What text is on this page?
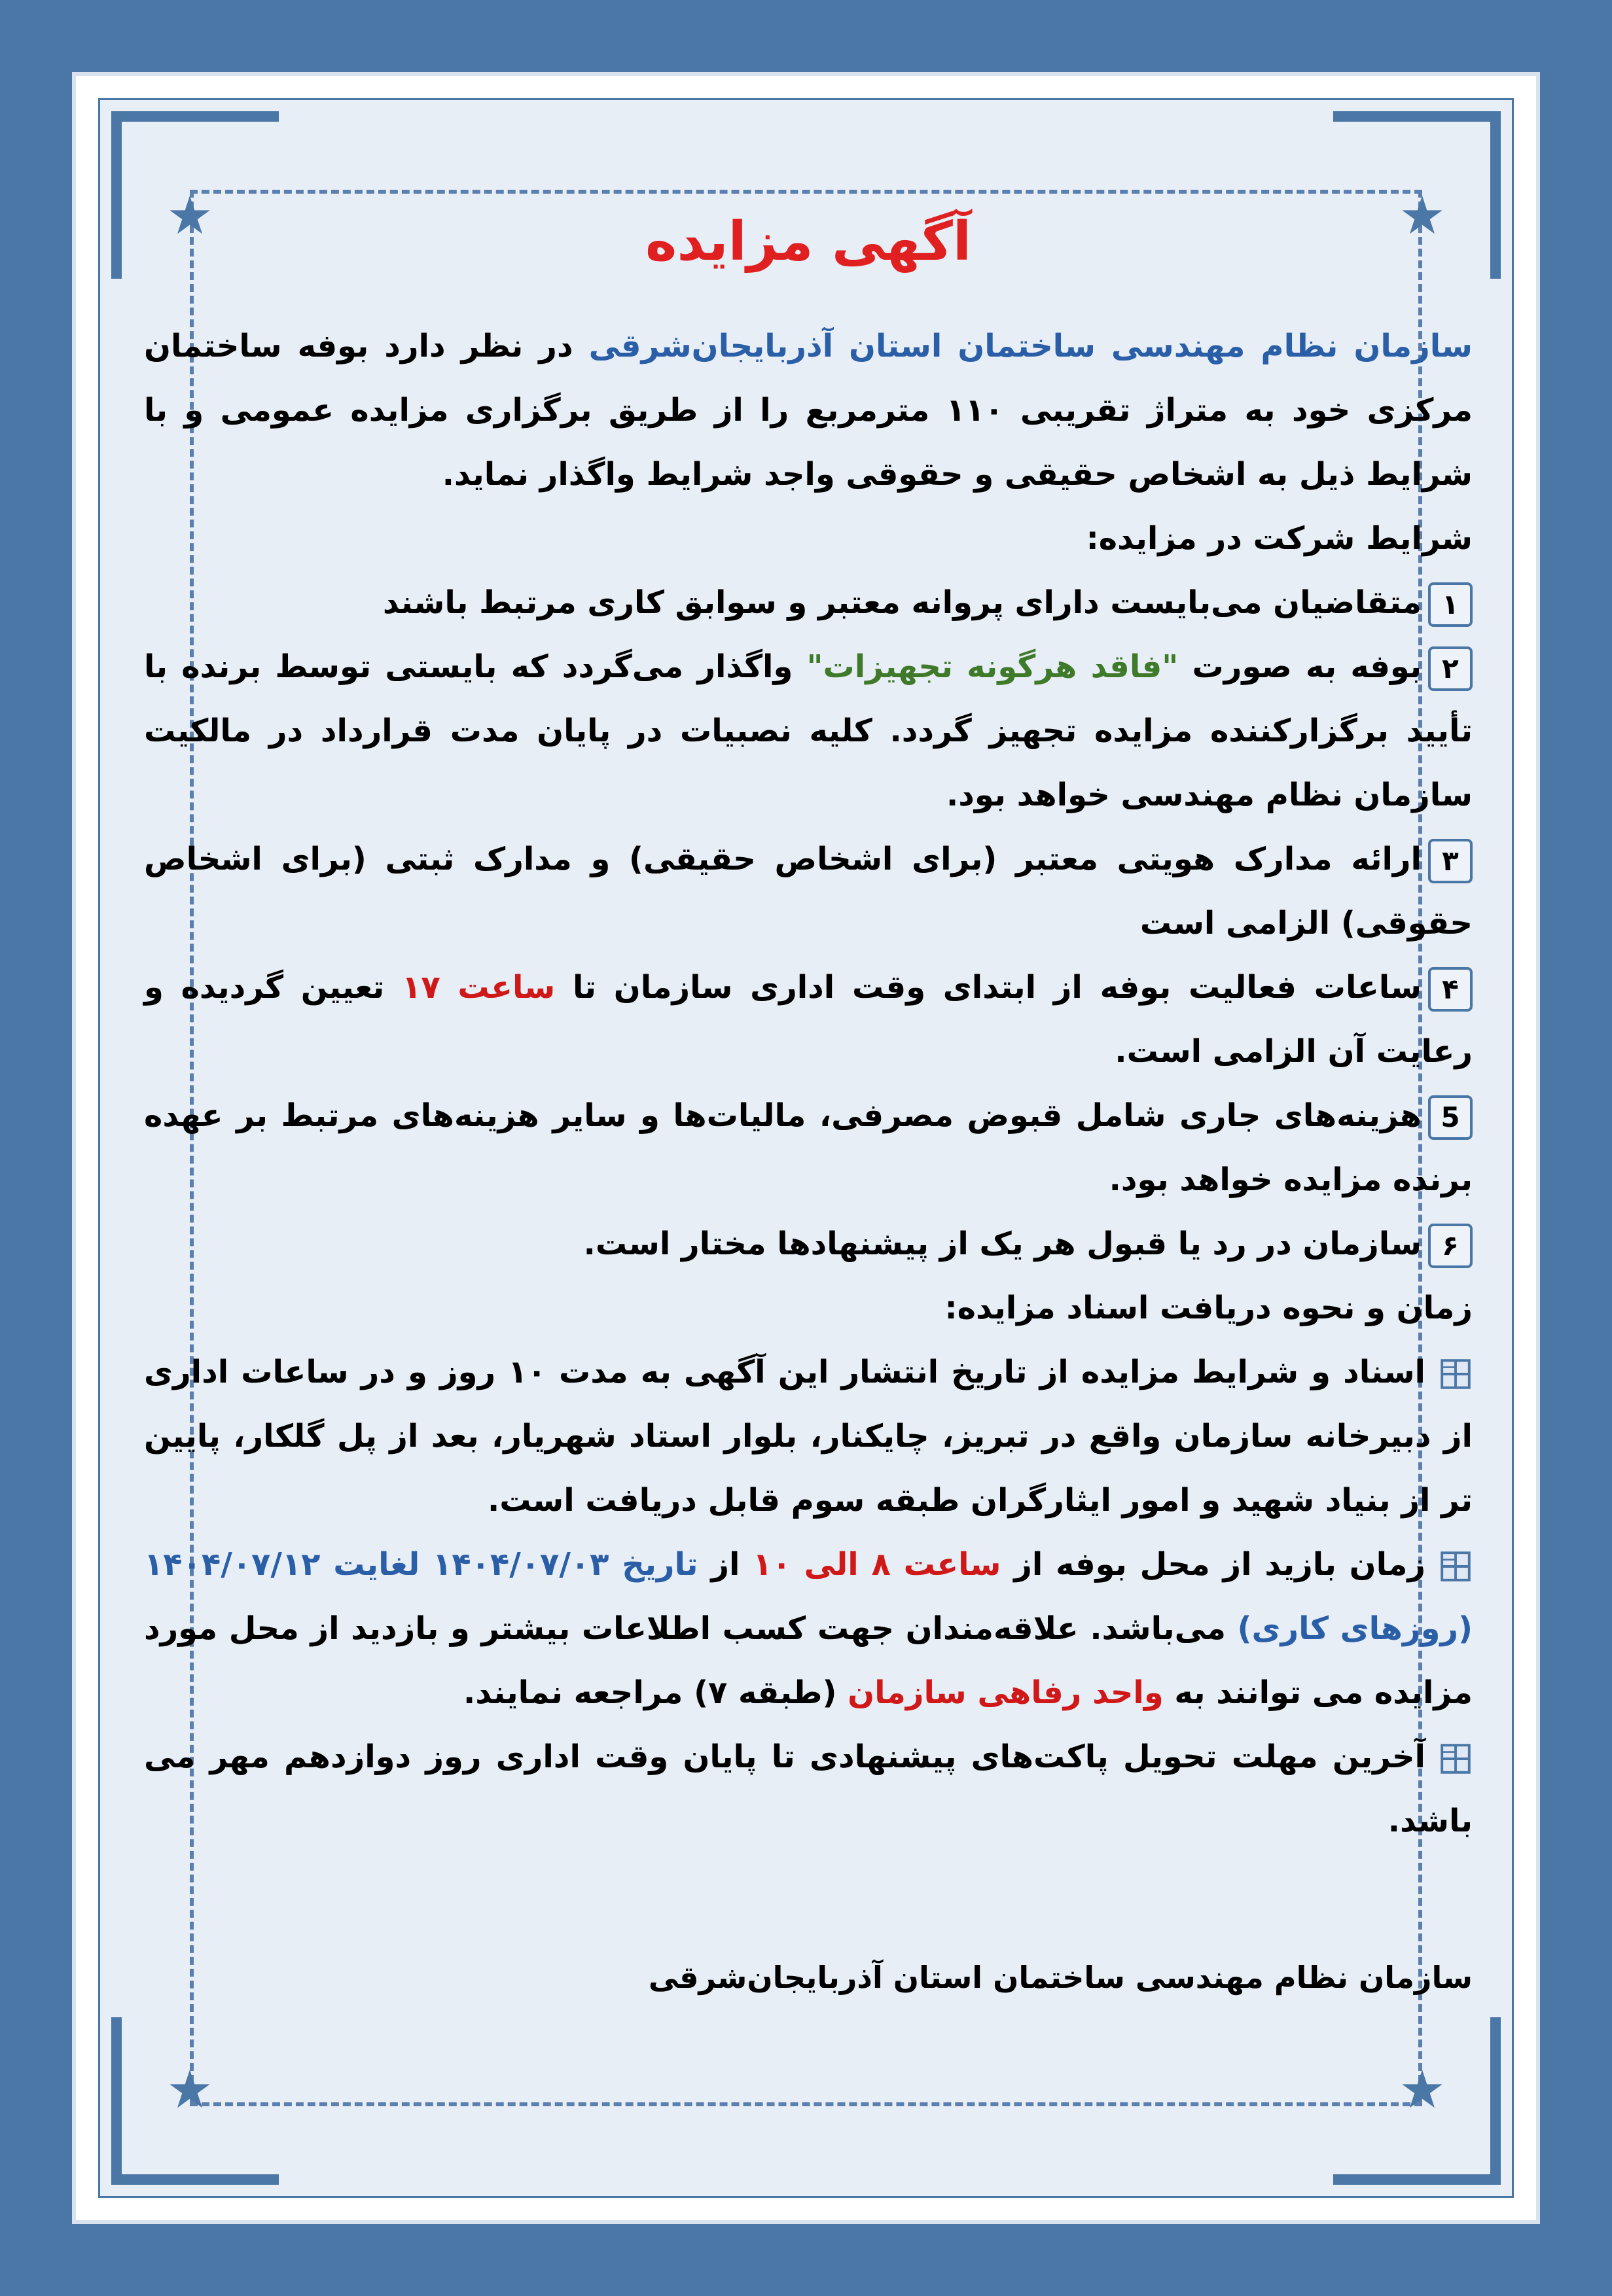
★	★
★	★
آگهی مزایده

سازمان نظام مهندسی ساختمان استان آذربایجان‌شرقی در نظر دارد بوفه ساختمان مرکزی خود به متراژ تقریبی ۱۱۰ مترمربع را از طریق برگزاری مزایده عمومی و با شرایط ذیل به اشخاص حقیقی و حقوقی واجد شرایط واگذار نماید.

شرایط شرکت در مزایده:

۱متقاضیان می‌بایست دارای پروانه معتبر و سوابق کاری مرتبط باشند

۲بوفه به صورت "فاقد هرگونه تجهیزات" واگذار می‌گردد که بایستی توسط برنده با تأیید برگزارکننده مزایده تجهیز گردد. کلیه نصبیات در پایان مدت قرارداد در مالکیت سازمان نظام مهندسی خواهد بود.

۳ارائه مدارک هویتی معتبر (برای اشخاص حقیقی) و مدارک ثبتی (برای اشخاص حقوقی) الزامی است

۴ساعات فعالیت بوفه از ابتدای وقت اداری سازمان تا ساعت ۱۷ تعیین گردیده و رعایت آن الزامی است.

5هزینه‌های جاری شامل قبوض مصرفی، مالیات‌ها و سایر هزینه‌های مرتبط بر عهده برنده مزایده خواهد بود.

۶سازمان در رد یا قبول هر یک از پیشنهادها مختار است.

زمان و نحوه دریافت اسناد مزایده:

اسناد و شرایط مزایده از تاریخ انتشار این آگهی به مدت ۱۰ روز و در ساعات اداری از دبیرخانه سازمان واقع در تبریز، چایکنار، بلوار استاد شهریار، بعد از پل گلکار، پایین تر از بنیاد شهید و امور ایثارگران طبقه سوم قابل دریافت است.

زمان بازید از محل بوفه از ساعت ۸ الی ۱۰ از تاریخ ۱۴۰۴/۰۷/۰۳ لغایت ۱۴۰۴/۰۷/۱۲ (روزهای کاری) می‌باشد. علاقه‌مندان جهت کسب اطلاعات بیشتر و بازدید از محل مورد مزایده می توانند به واحد رفاهی سازمان (طبقه ۷) مراجعه نمایند.

آخرین مهلت تحویل پاکت‌های پیشنهادی تا پایان وقت اداری روز دوازدهم مهر می باشد.

سازمان نظام مهندسی ساختمان استان آذربایجان‌شرقی
